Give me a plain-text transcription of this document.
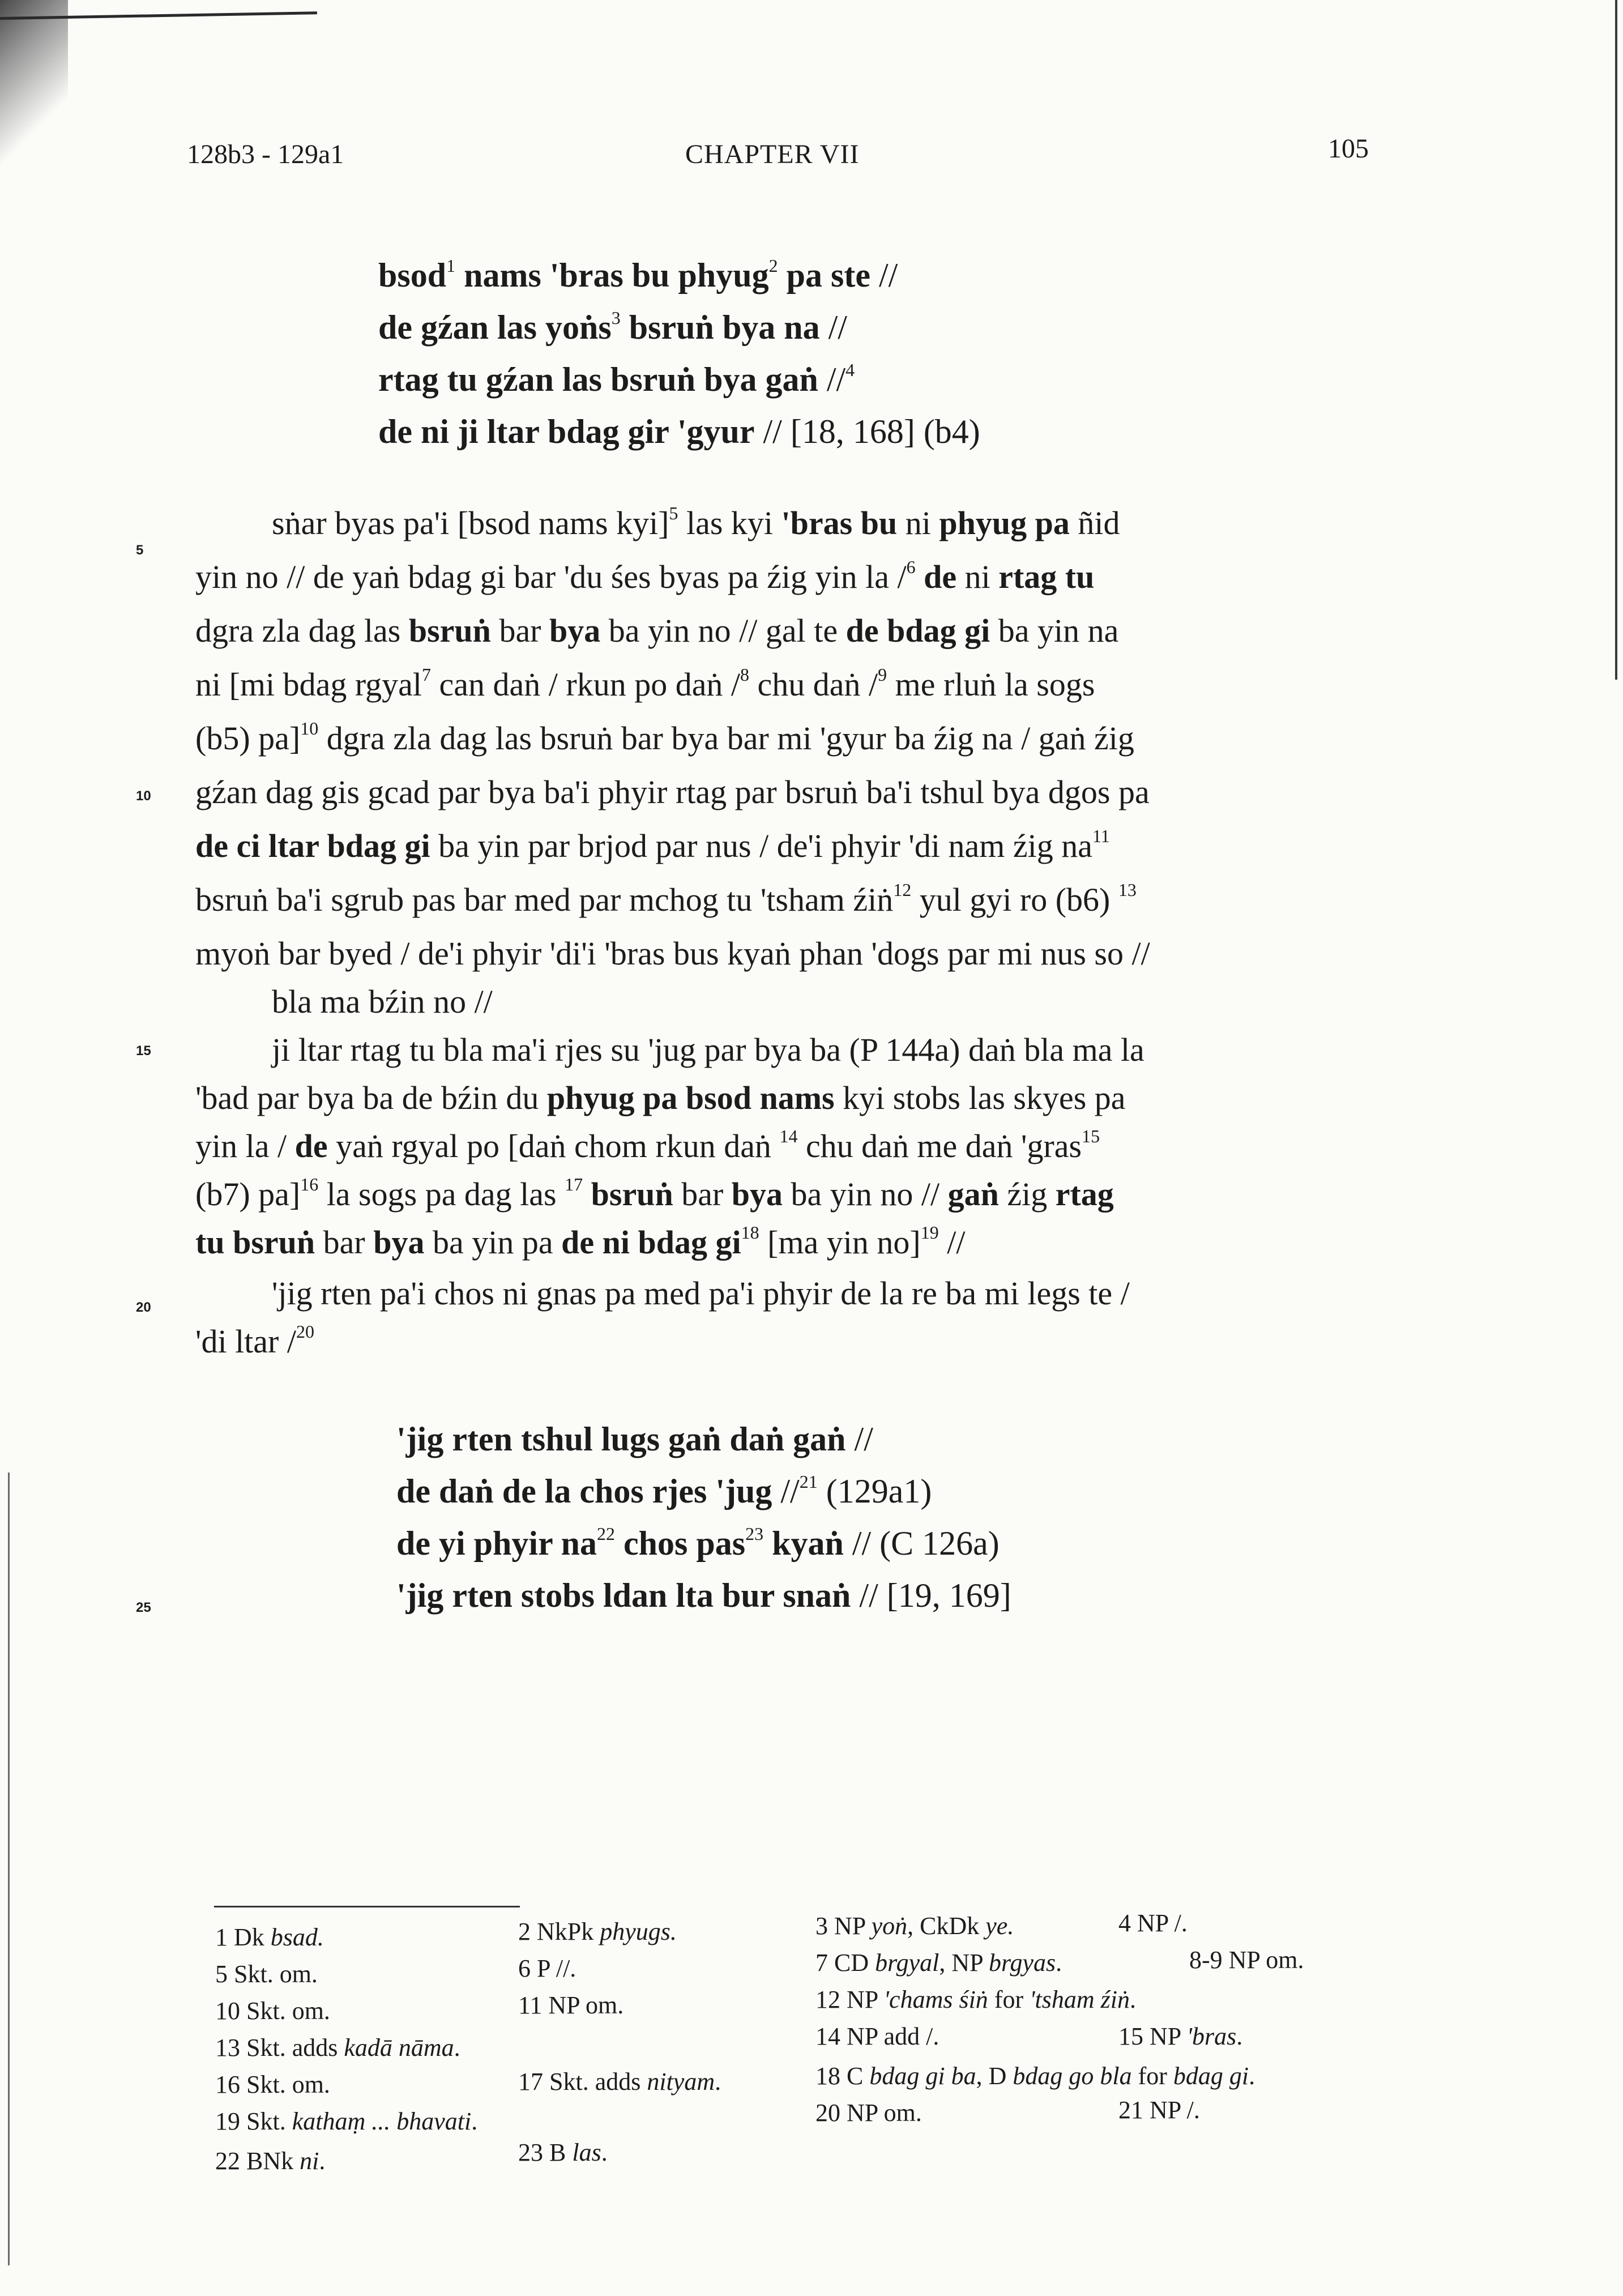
128b3 - 129a1	CHAPTER VII	105
bsod$^1$ nams 'bras bu phyug$^2$ pa ste //
de gźan las yoṅs$^3$ bsruṅ bya na //
rtag tu gźan las bsruṅ bya gaṅ //$^4$
de ni ji ltar bdag gir 'gyur // [18, 168] (b4)
sṅar byas pa'i [bsod nams kyi]$^5$ las kyi 'bras bu ni phyug pa ñid
yin no // de yaṅ bdag gi bar 'du śes byas pa źig yin la /$^6$ de ni rtag tu
dgra zla dag las bsruṅ bar bya ba yin no // gal te de bdag gi ba yin na
ni [mi bdag rgyal$^7$ can daṅ / rkun po daṅ /$^8$ chu daṅ /$^9$ me rluṅ la sogs
(b5) pa]$^{10}$ dgra zla dag las bsruṅ bar bya bar mi 'gyur ba źig na / gaṅ źig
gźan dag gis gcad par bya ba'i phyir rtag par bsruṅ ba'i tshul bya dgos pa
de ci ltar bdag gi ba yin par brjod par nus / de'i phyir 'di nam źig $na^{11}$
bsruṅ ba'i sgrub pas bar med par mchog tu 'tsham źiṅ$^{12}$ yul gyi ro (b6) $^{13}$
myoṅ bar byed / de'i phyir 'di'i 'bras bus kyaṅ phan 'dogs par mi nus so //
bla ma bźin no //
ji ltar rtag tu bla ma'i rjes su 'jug par bya ba (P 144a) daṅ bla ma la
'bad par bya ba de bźin du phyug pa bsod nams kyi stobs las skyes pa
yin la / de yaṅ rgyal po [daṅ chom rkun daṅ $^{14}$ chu daṅ me daṅ 'gras$^{15}$
(b7) pa]$^{16}$ la sogs pa dag las $^{17}$ bsruṅ bar bya ba yin no // gaṅ źig rtag
tu bsruṅ bar bya ba yin pa de ni bdag $gi^{18}$ [ma yin no]$^{19}$ //
'jig rten pa'i chos ni gnas pa med pa'i phyir de la re ba mi legs te /
'di ltar /$^{20}$
5
10
15
20
25
'jig rten tshul lugs gaṅ daṅ gaṅ //
de daṅ de la chos rjes 'jug //$^{21}$ (129a1)
de yi phyir $na^{22}$ chos pas$^{23}$ kyaṅ // (C 126a)
'jig rten stobs ldan lta bur snaṅ // [19, 169]
1 Dk bsad.	2 NkPk phyugs.	3 NP yoṅ, CkDk ye.	4 NP /.
5 Skt. om.	6 P //.	7 CD brgyal, NP brgyas.	8-9 NP om.
10 Skt. om.	11 NP om.	12 NP 'chams śiṅ for 'tsham źiṅ.
13 Skt. adds kadā nāma.	14 NP add /.	15 NP 'bras.
16 Skt. om.	17 Skt. adds nityam.	18 C bdag gi ba, D bdag go bla for bdag gi.
19 Skt. kathaṃ ... bhavati.	20 NP om.	21 NP /.
22 BNk ni.	23 B las.
